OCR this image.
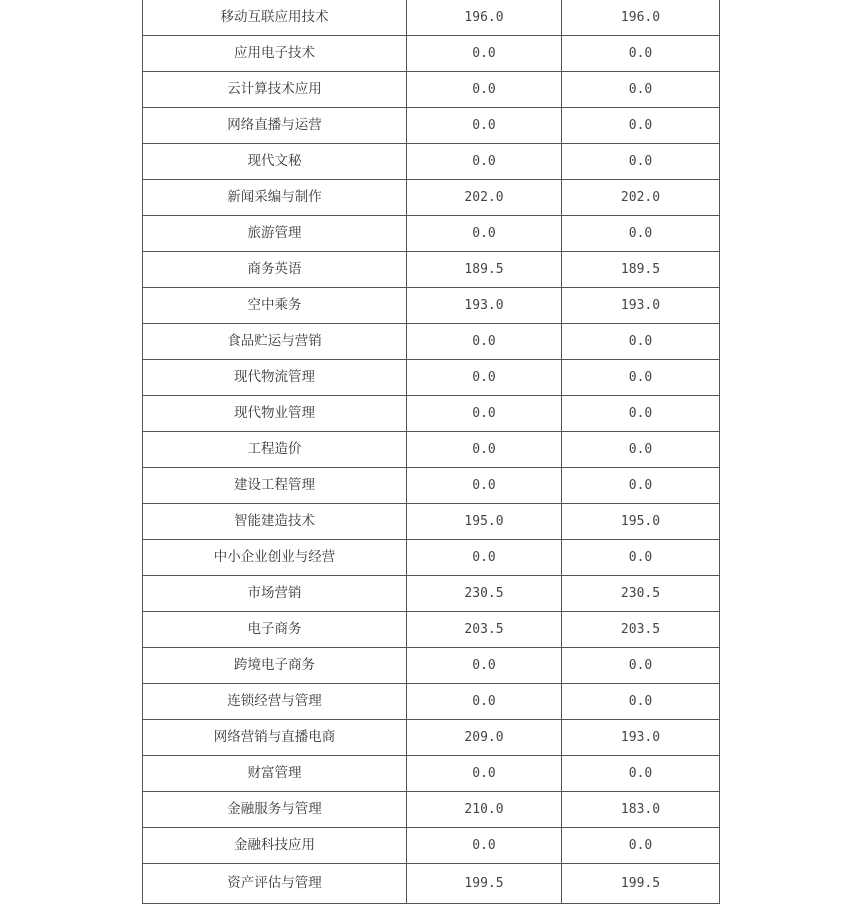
移动互联应用技术	196.0	196.0
应用电子技术	0.0	0.0
云计算技术应用	0.0	0.0
网络直播与运营	0.0	0.0
现代文秘	0.0	0.0
新闻采编与制作	202.0	202.0
旅游管理	0.0	0.0
商务英语	189.5	189.5
空中乘务	193.0	193.0
食品贮运与营销	0.0	0.0
现代物流管理	0.0	0.0
现代物业管理	0.0	0.0
工程造价	0.0	0.0
建设工程管理	0.0	0.0
智能建造技术	195.0	195.0
中小企业创业与经营	0.0	0.0
市场营销	230.5	230.5
电子商务	203.5	203.5
跨境电子商务	0.0	0.0
连锁经营与管理	0.0	0.0
网络营销与直播电商	209.0	193.0
财富管理	0.0	0.0
金融服务与管理	210.0	183.0
金融科技应用	0.0	0.0
资产评估与管理	199.5	199.5
